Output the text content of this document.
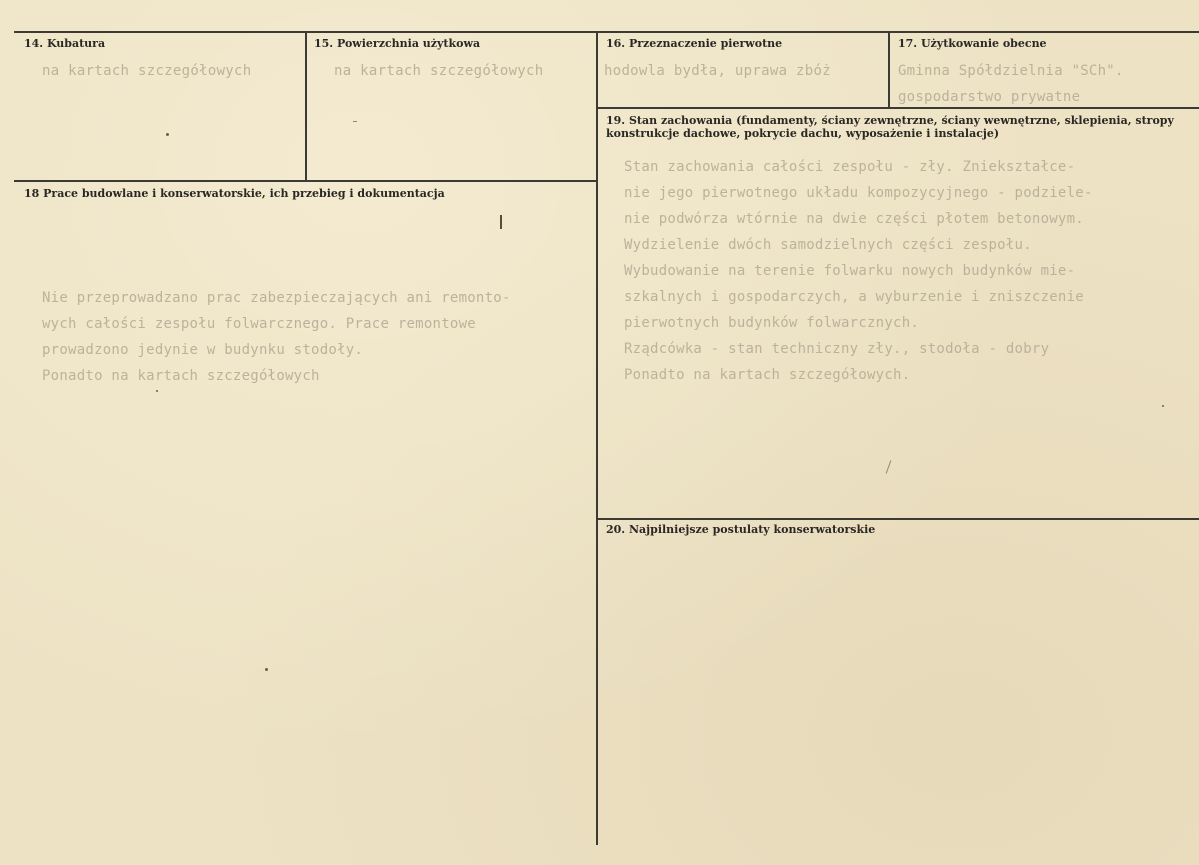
14. Kubatura
na kartach szczegółowych
15. Powierzchnia użytkowa
na kartach szczegółowych
16. Przeznaczenie pierwotne
hodowla bydła, uprawa zbóż
17. Użytkowanie obecne
Gminna Spółdzielnia "SCh".
gospodarstwo prywatne
18 Prace budowlane i konserwatorskie, ich przebieg i dokumentacja
Nie przeprowadzano prac zabezpieczających ani remonto-
wych całości zespołu folwarcznego. Prace remontowe
prowadzono jedynie w budynku stodoły.
Ponadto na kartach szczegółowych
19. Stan zachowania (fundamenty, ściany zewnętrzne, ściany wewnętrzne, sklepienia, stropy konstrukcje dachowe, pokrycie dachu, wyposażenie i instalacje)
Stan zachowania całości zespołu - zły. Zniekształce-
nie jego pierwotnego układu kompozycyjnego - podziele-
nie podwórza wtórnie na dwie części płotem betonowym.
Wydzielenie dwóch samodzielnych części zespołu.
Wybudowanie na terenie folwarku nowych budynków mie-
szkalnych i gospodarczych, a wyburzenie i zniszczenie
pierwotnych budynków folwarcznych.
Rządcówka - stan techniczny zły., stodoła - dobry
Ponadto na kartach szczegółowych.
20. Najpilniejsze postulaty konserwatorskie
